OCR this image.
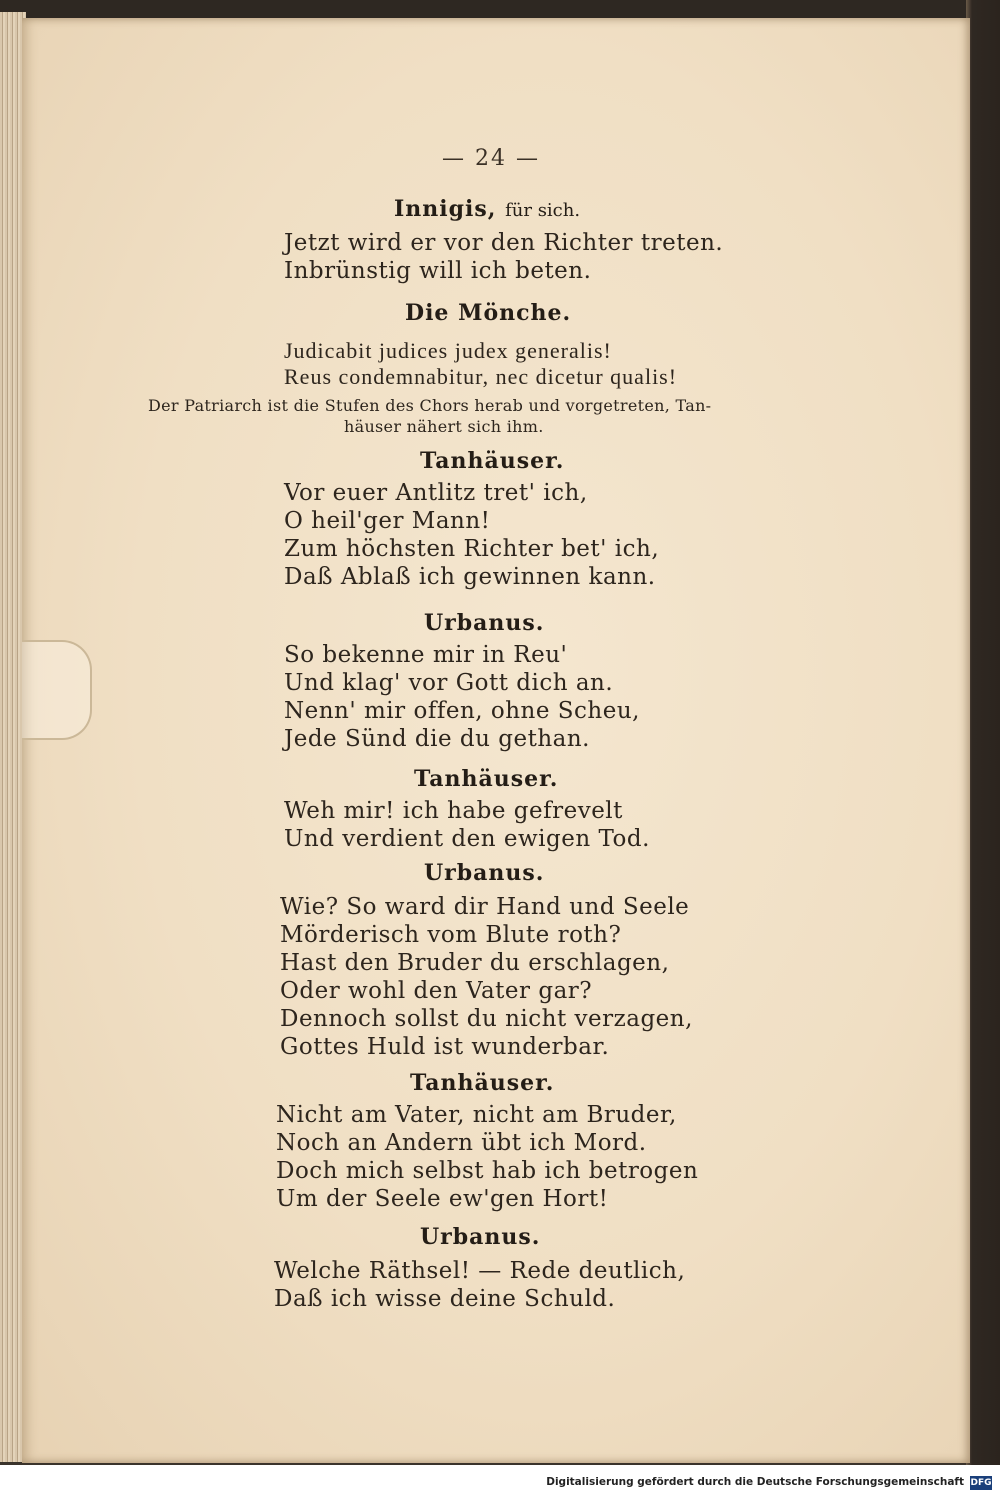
— 24 —
Innigis, für sich.
Jetzt wird er vor den Richter treten.
Inbrünstig will ich beten.
Die Mönche.
Judicabit judices judex generalis!
Reus condemnabitur, nec dicetur qualis!
Der Patriarch ist die Stufen des Chors herab und vorgetreten, Tan-
häuser nähert sich ihm.
Tanhäuser.
Vor euer Antlitz tret' ich,
O heil'ger Mann!
Zum höchsten Richter bet' ich,
Daß Ablaß ich gewinnen kann.
Urbanus.
So bekenne mir in Reu'
Und klag' vor Gott dich an.
Nenn' mir offen, ohne Scheu,
Jede Sünd die du gethan.
Tanhäuser.
Weh mir! ich habe gefrevelt
Und verdient den ewigen Tod.
Urbanus.
Wie? So ward dir Hand und Seele
Mörderisch vom Blute roth?
Hast den Bruder du erschlagen,
Oder wohl den Vater gar?
Dennoch sollst du nicht verzagen,
Gottes Huld ist wunderbar.
Tanhäuser.
Nicht am Vater, nicht am Bruder,
Noch an Andern übt ich Mord.
Doch mich selbst hab ich betrogen
Um der Seele ew'gen Hort!
Urbanus.
Welche Räthsel! — Rede deutlich,
Daß ich wisse deine Schuld.
Digitalisierung gefördert durch die Deutsche Forschungsgemeinschaft DFG
